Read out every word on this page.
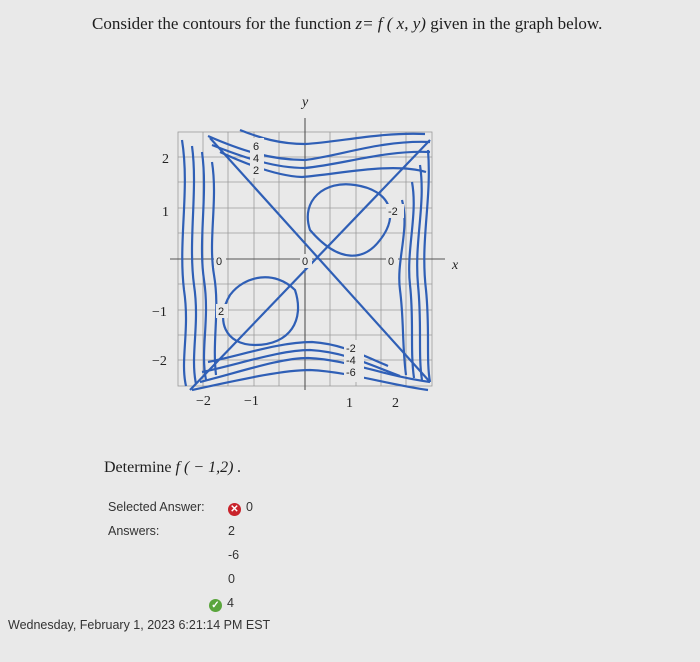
Consider the contours for the function z= f ( x, y) given in the graph below.
y
x
2
1
−1
−2
−2 −1	1	2
6
4
2
-2
-4
-6
-2
0	0	0
2
Determine f ( − 1,2) .
Selected Answer:	✕ 0
Answers:	2
-6
0
✓ 4
Wednesday, February 1, 2023 6:21:14 PM EST
